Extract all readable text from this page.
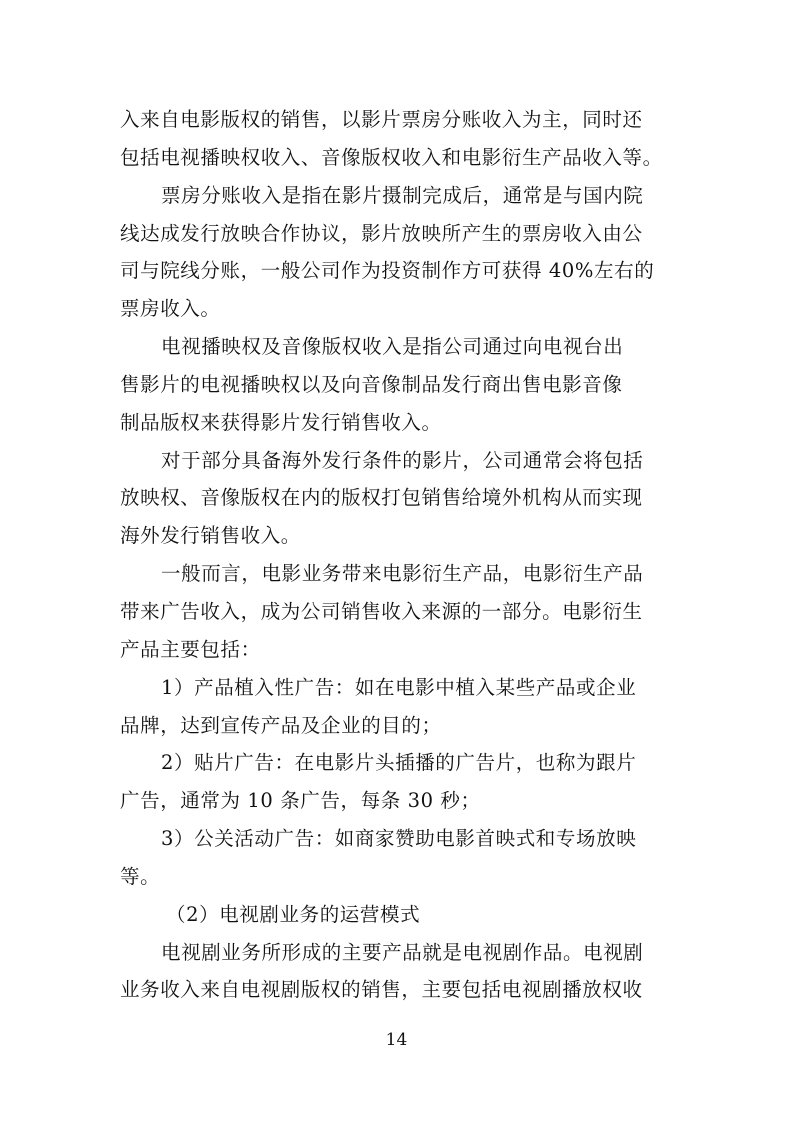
入来自电影版权的销售，以影片票房分账收入为主，同时还
包括电视播映权收入、音像版权收入和电影衍生产品收入等。
票房分账收入是指在影片摄制完成后，通常是与国内院
线达成发行放映合作协议，影片放映所产生的票房收入由公
司与院线分账，一般公司作为投资制作方可获得 40%左右的
票房收入。
电视播映权及音像版权收入是指公司通过向电视台出
售影片的电视播映权以及向音像制品发行商出售电影音像
制品版权来获得影片发行销售收入。
对于部分具备海外发行条件的影片，公司通常会将包括
放映权、音像版权在内的版权打包销售给境外机构从而实现
海外发行销售收入。
一般而言，电影业务带来电影衍生产品，电影衍生产品
带来广告收入，成为公司销售收入来源的一部分。电影衍生
产品主要包括：
1）产品植入性广告：如在电影中植入某些产品或企业
品牌，达到宣传产品及企业的目的；
2）贴片广告：在电影片头插播的广告片，也称为跟片
广告，通常为 10 条广告，每条 30 秒；
3）公关活动广告：如商家赞助电影首映式和专场放映
等。
（2）电视剧业务的运营模式
电视剧业务所形成的主要产品就是电视剧作品。电视剧
业务收入来自电视剧版权的销售，主要包括电视剧播放权收
14
